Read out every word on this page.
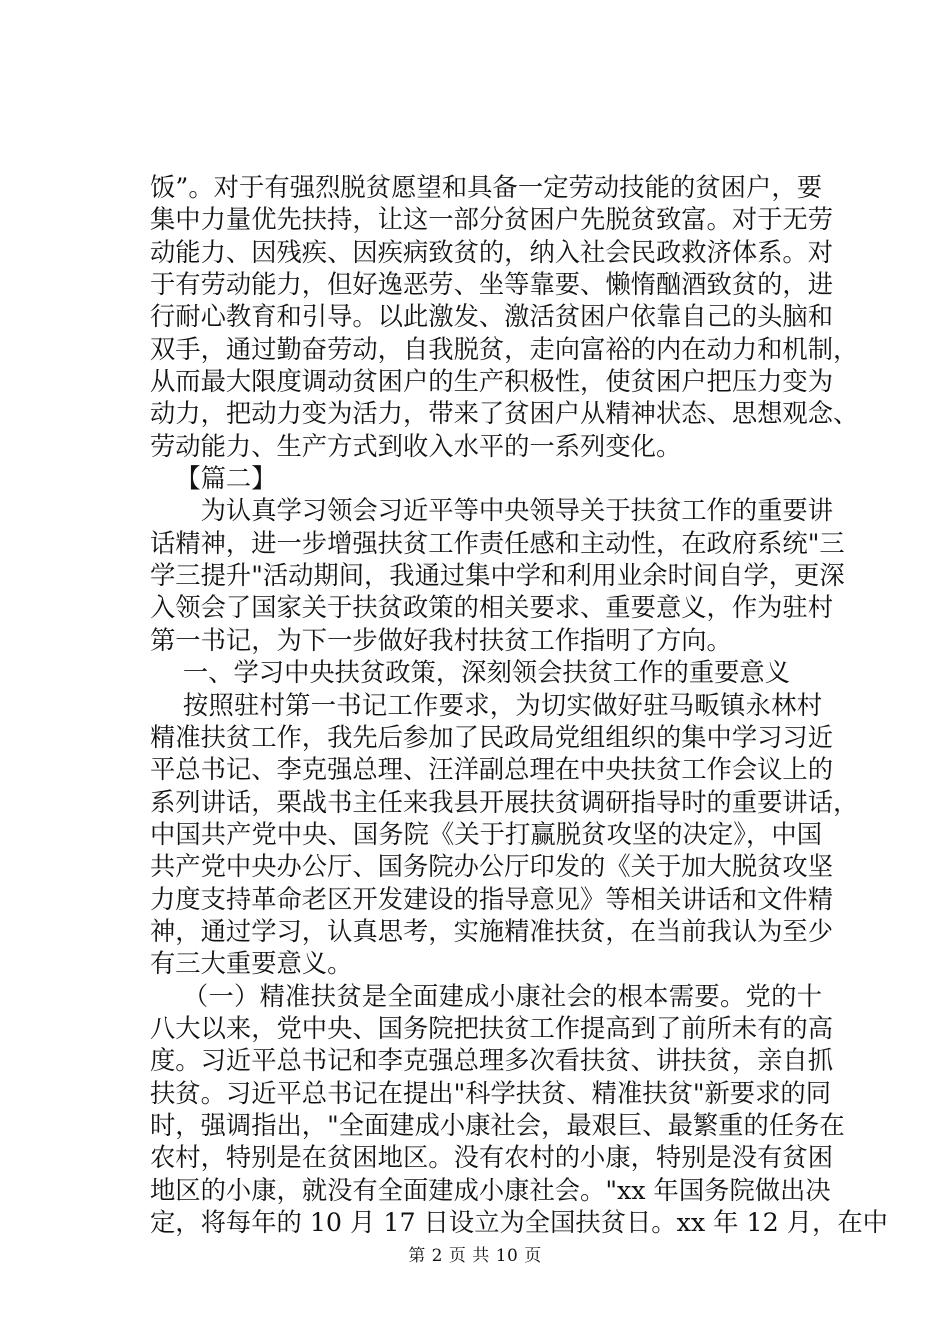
饭”。对于有强烈脱贫愿望和具备一定劳动技能的贫困户，要
集中力量优先扶持，让这一部分贫困户先脱贫致富。对于无劳
动能力、因残疾、因疾病致贫的，纳入社会民政救济体系。对
于有劳动能力，但好逸恶劳、坐等靠要、懒惰酗酒致贫的，进
行耐心教育和引导。以此激发、激活贫困户依靠自己的头脑和
双手，通过勤奋劳动，自我脱贫，走向富裕的内在动力和机制，
从而最大限度调动贫困户的生产积极性，使贫困户把压力变为
动力，把动力变为活力，带来了贫困户从精神状态、思想观念、
劳动能力、生产方式到收入水平的一系列变化。
【篇二】
为认真学习领会习近平等中央领导关于扶贫工作的重要讲
话精神，进一步增强扶贫工作责任感和主动性，在政府系统"三
学三提升"活动期间，我通过集中学和利用业余时间自学，更深
入领会了国家关于扶贫政策的相关要求、重要意义，作为驻村
第一书记，为下一步做好我村扶贫工作指明了方向。
一、学习中央扶贫政策，深刻领会扶贫工作的重要意义
按照驻村第一书记工作要求，为切实做好驻马畈镇永林村
精准扶贫工作，我先后参加了民政局党组组织的集中学习习近
平总书记、李克强总理、汪洋副总理在中央扶贫工作会议上的
系列讲话，栗战书主任来我县开展扶贫调研指导时的重要讲话，
中国共产党中央、国务院《关于打赢脱贫攻坚的决定》，中国
共产党中央办公厅、国务院办公厅印发的《关于加大脱贫攻坚
力度支持革命老区开发建设的指导意见》等相关讲话和文件精
神，通过学习，认真思考，实施精准扶贫，在当前我认为至少
有三大重要意义。
（一）精准扶贫是全面建成小康社会的根本需要。党的十
八大以来，党中央、国务院把扶贫工作提高到了前所未有的高
度。习近平总书记和李克强总理多次看扶贫、讲扶贫，亲自抓
扶贫。习近平总书记在提出"科学扶贫、精准扶贫"新要求的同
时，强调指出，"全面建成小康社会，最艰巨、最繁重的任务在
农村，特别是在贫困地区。没有农村的小康，特别是没有贫困
地区的小康，就没有全面建成小康社会。"xx 年国务院做出决
定，将每年的 10 月 17 日设立为全国扶贫日。xx 年 12 月，在中
第 2 页 共 10 页
